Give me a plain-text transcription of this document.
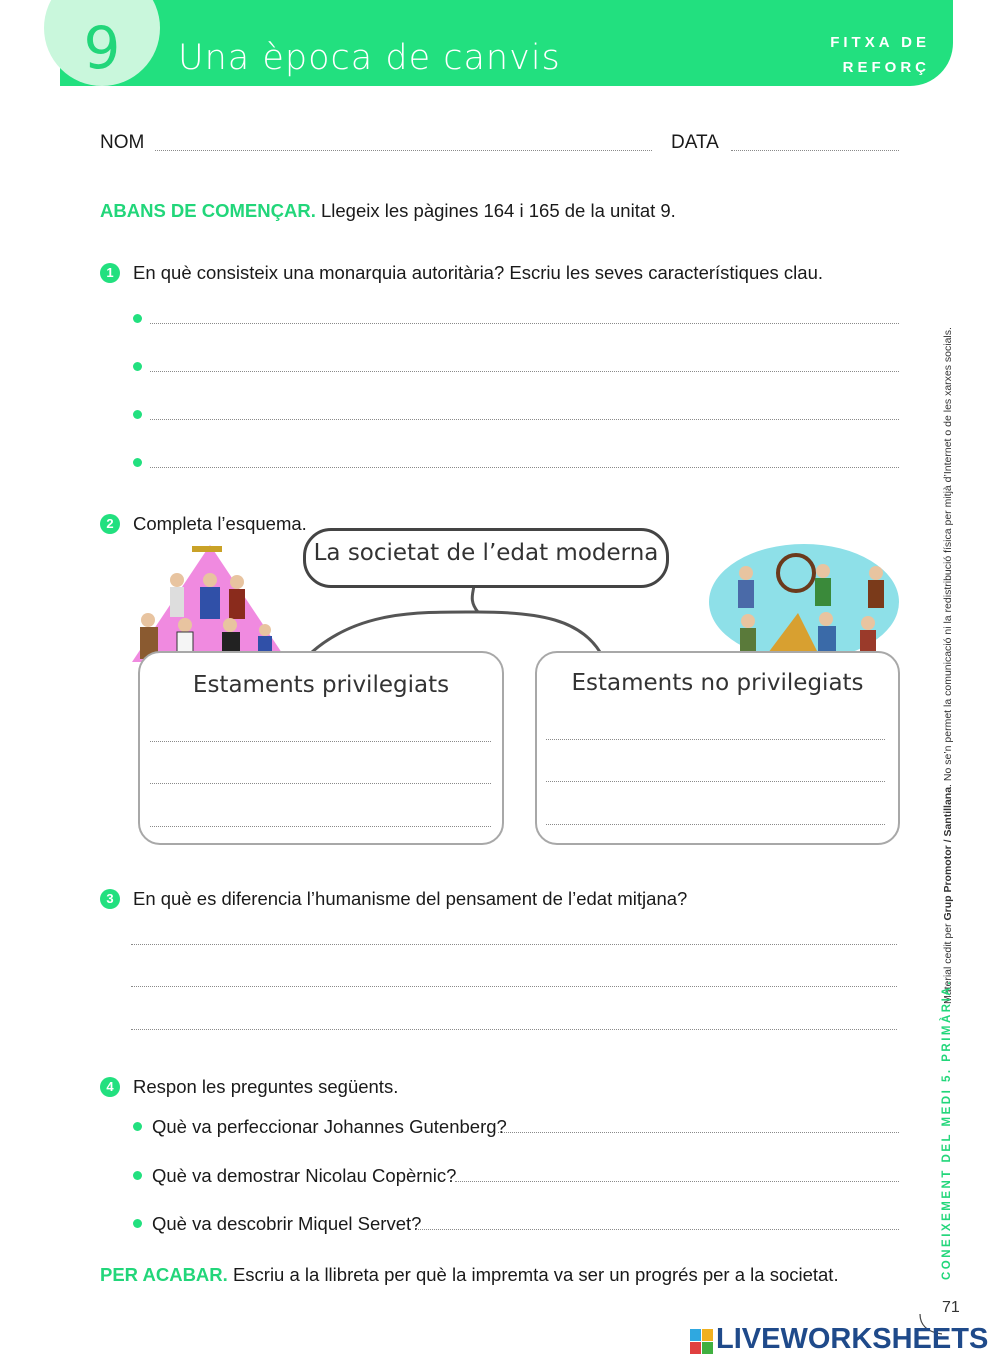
9	Una època de canvis	FITXA DE
REFORÇ
NOM	DATA
ABANS DE COMENÇAR. Llegeix les pàgines 164 i 165 de la unitat 9.
1	En què consisteix una monarquia autoritària? Escriu les seves característiques clau.
2	Completa l’esquema.
La societat de l’edat moderna
Estaments privilegiats	Estaments no privilegiats
3	En què es diferencia l’humanisme del pensament de l’edat mitjana?
4	Respon les preguntes següents.
Què va perfeccionar Johannes Gutenberg?
Què va demostrar Nicolau Copèrnic?
Què va descobrir Miquel Servet?
PER ACABAR. Escriu a la llibreta per què la impremta va ser un progrés per a la societat.
Material cedit per Grup Promotor / Santillana. No se’n permet la comunicació ni la redistribució física per mitjà d’Internet o de les xarxes socials.
CONEIXEMENT DEL MEDI 5. PRIMÀRIA.
71
LIVEWORKSHEETS
